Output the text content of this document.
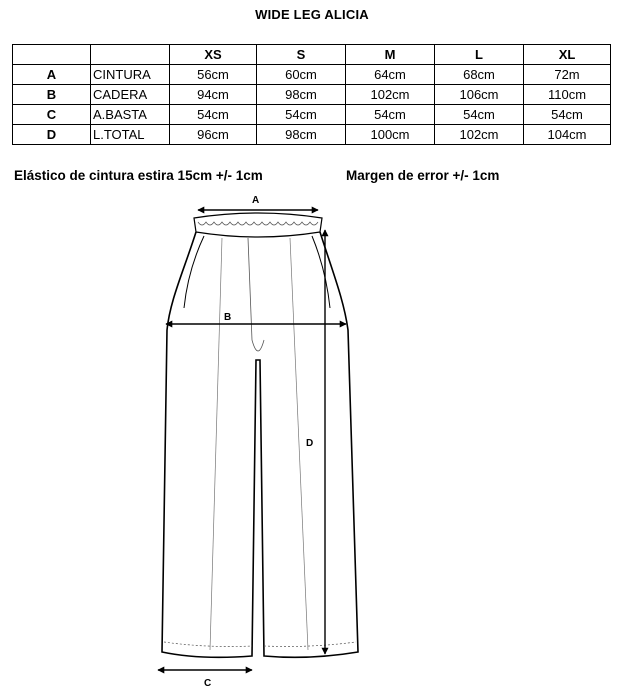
WIDE LEG ALICIA
		XS	S	M	L	XL
A	CINTURA	56cm	60cm	64cm	68cm	72m
B	CADERA	94cm	98cm	102cm	106cm	110cm
C	A.BASTA	54cm	54cm	54cm	54cm	54cm
D	L.TOTAL	96cm	98cm	100cm	102cm	104cm
Elástico de cintura estira 15cm +/- 1cm	Margen de error +/- 1cm
A
B
D
C
